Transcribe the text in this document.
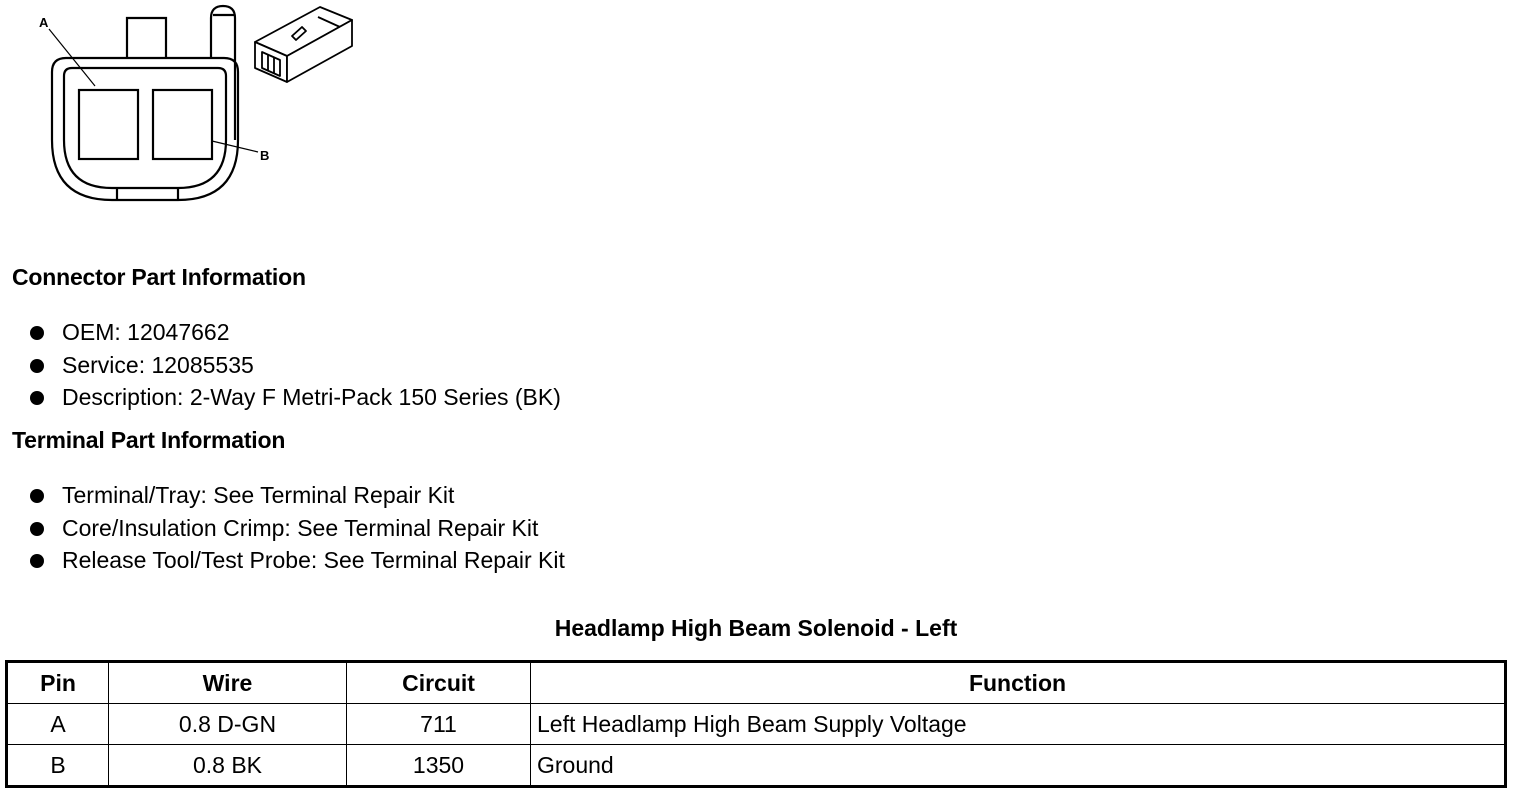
A
B
Connector Part Information
OEM: 12047662
Service: 12085535
Description: 2-Way F Metri-Pack 150 Series (BK)
Terminal Part Information
Terminal/Tray: See Terminal Repair Kit
Core/Insulation Crimp: See Terminal Repair Kit
Release Tool/Test Probe: See Terminal Repair Kit
Headlamp High Beam Solenoid - Left
Pin	Wire	Circuit	Function
A	0.8 D-GN	711	Left Headlamp High Beam Supply Voltage
B	0.8 BK	1350	Ground
